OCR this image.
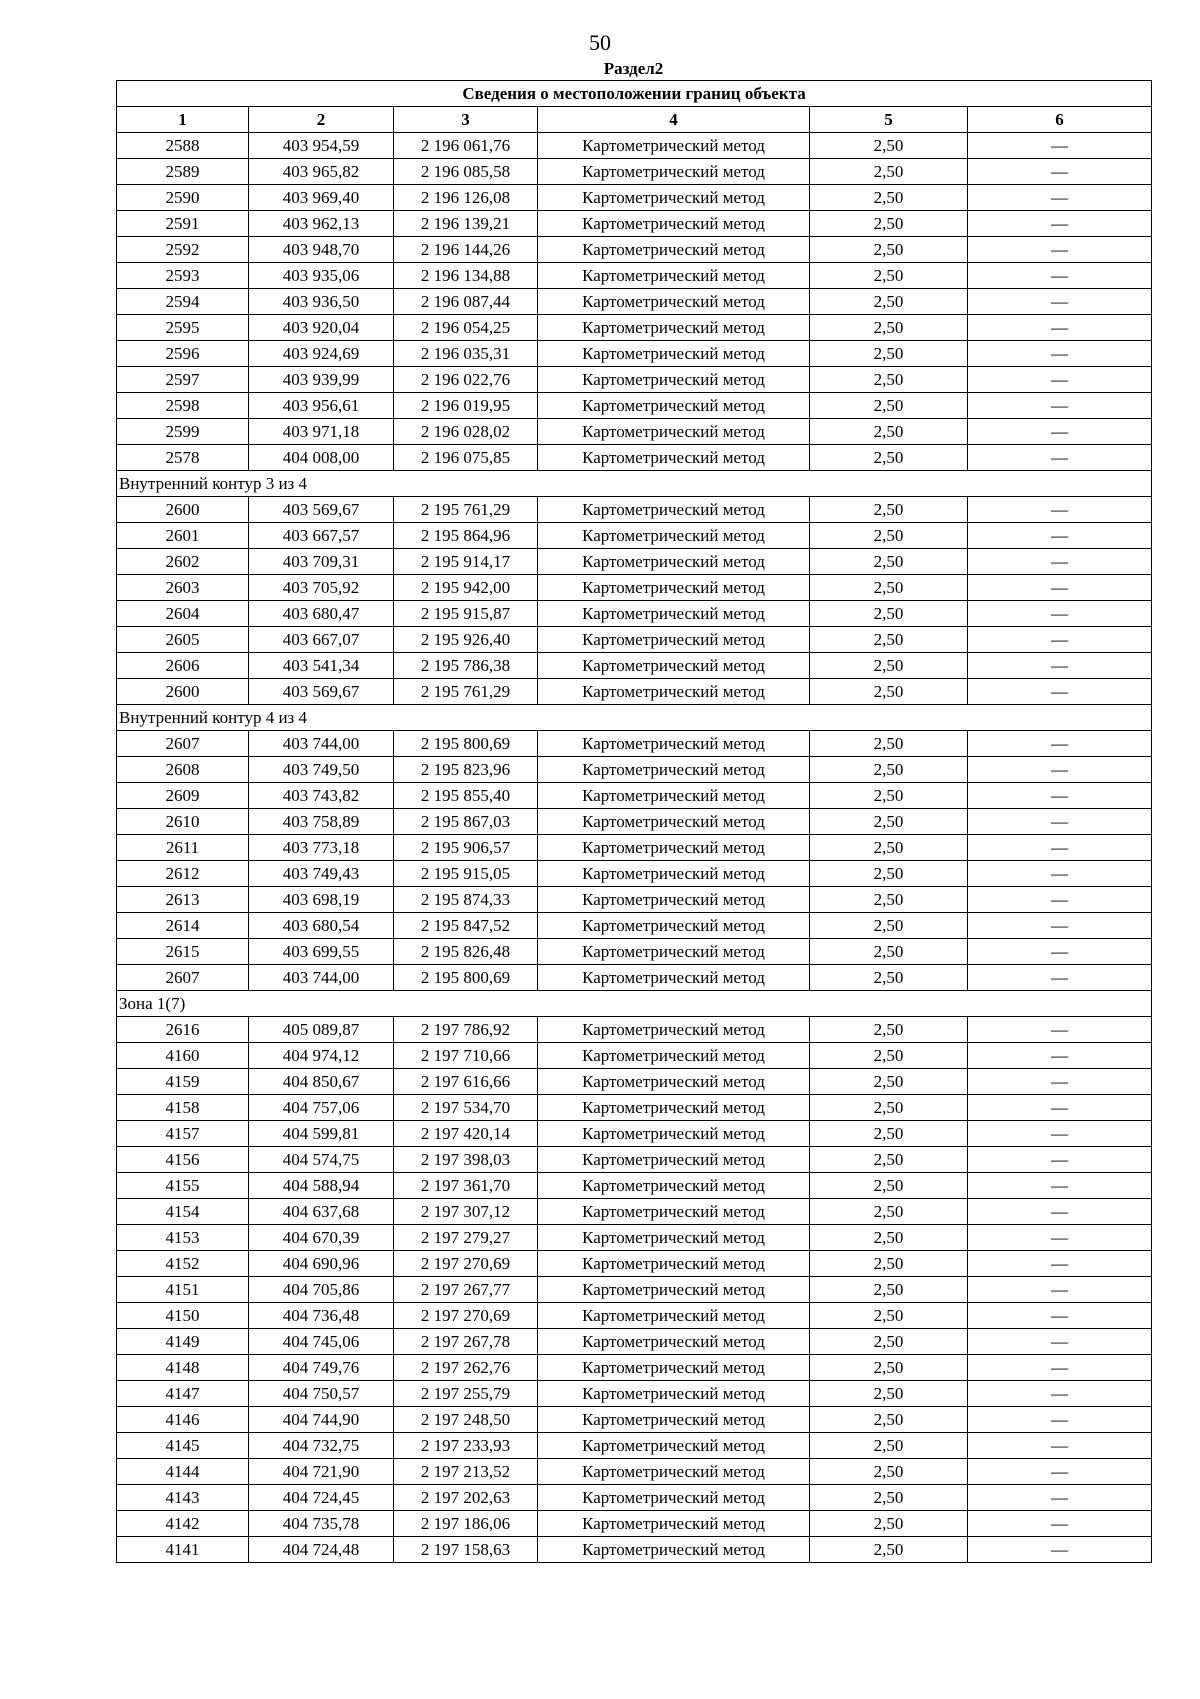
50
Раздел2
Сведения о местоположении границ объекта					
1	2	3	4	5	6
2588	403 954,59	2 196 061,76	Картометрический метод	2,50	—
2589	403 965,82	2 196 085,58	Картометрический метод	2,50	—
2590	403 969,40	2 196 126,08	Картометрический метод	2,50	—
2591	403 962,13	2 196 139,21	Картометрический метод	2,50	—
2592	403 948,70	2 196 144,26	Картометрический метод	2,50	—
2593	403 935,06	2 196 134,88	Картометрический метод	2,50	—
2594	403 936,50	2 196 087,44	Картометрический метод	2,50	—
2595	403 920,04	2 196 054,25	Картометрический метод	2,50	—
2596	403 924,69	2 196 035,31	Картометрический метод	2,50	—
2597	403 939,99	2 196 022,76	Картометрический метод	2,50	—
2598	403 956,61	2 196 019,95	Картометрический метод	2,50	—
2599	403 971,18	2 196 028,02	Картометрический метод	2,50	—
2578	404 008,00	2 196 075,85	Картометрический метод	2,50	—
Внутренний контур 3 из 4					
2600	403 569,67	2 195 761,29	Картометрический метод	2,50	—
2601	403 667,57	2 195 864,96	Картометрический метод	2,50	—
2602	403 709,31	2 195 914,17	Картометрический метод	2,50	—
2603	403 705,92	2 195 942,00	Картометрический метод	2,50	—
2604	403 680,47	2 195 915,87	Картометрический метод	2,50	—
2605	403 667,07	2 195 926,40	Картометрический метод	2,50	—
2606	403 541,34	2 195 786,38	Картометрический метод	2,50	—
2600	403 569,67	2 195 761,29	Картометрический метод	2,50	—
Внутренний контур 4 из 4					
2607	403 744,00	2 195 800,69	Картометрический метод	2,50	—
2608	403 749,50	2 195 823,96	Картометрический метод	2,50	—
2609	403 743,82	2 195 855,40	Картометрический метод	2,50	—
2610	403 758,89	2 195 867,03	Картометрический метод	2,50	—
2611	403 773,18	2 195 906,57	Картометрический метод	2,50	—
2612	403 749,43	2 195 915,05	Картометрический метод	2,50	—
2613	403 698,19	2 195 874,33	Картометрический метод	2,50	—
2614	403 680,54	2 195 847,52	Картометрический метод	2,50	—
2615	403 699,55	2 195 826,48	Картометрический метод	2,50	—
2607	403 744,00	2 195 800,69	Картометрический метод	2,50	—
Зона 1(7)					
2616	405 089,87	2 197 786,92	Картометрический метод	2,50	—
4160	404 974,12	2 197 710,66	Картометрический метод	2,50	—
4159	404 850,67	2 197 616,66	Картометрический метод	2,50	—
4158	404 757,06	2 197 534,70	Картометрический метод	2,50	—
4157	404 599,81	2 197 420,14	Картометрический метод	2,50	—
4156	404 574,75	2 197 398,03	Картометрический метод	2,50	—
4155	404 588,94	2 197 361,70	Картометрический метод	2,50	—
4154	404 637,68	2 197 307,12	Картометрический метод	2,50	—
4153	404 670,39	2 197 279,27	Картометрический метод	2,50	—
4152	404 690,96	2 197 270,69	Картометрический метод	2,50	—
4151	404 705,86	2 197 267,77	Картометрический метод	2,50	—
4150	404 736,48	2 197 270,69	Картометрический метод	2,50	—
4149	404 745,06	2 197 267,78	Картометрический метод	2,50	—
4148	404 749,76	2 197 262,76	Картометрический метод	2,50	—
4147	404 750,57	2 197 255,79	Картометрический метод	2,50	—
4146	404 744,90	2 197 248,50	Картометрический метод	2,50	—
4145	404 732,75	2 197 233,93	Картометрический метод	2,50	—
4144	404 721,90	2 197 213,52	Картометрический метод	2,50	—
4143	404 724,45	2 197 202,63	Картометрический метод	2,50	—
4142	404 735,78	2 197 186,06	Картометрический метод	2,50	—
4141	404 724,48	2 197 158,63	Картометрический метод	2,50	—
